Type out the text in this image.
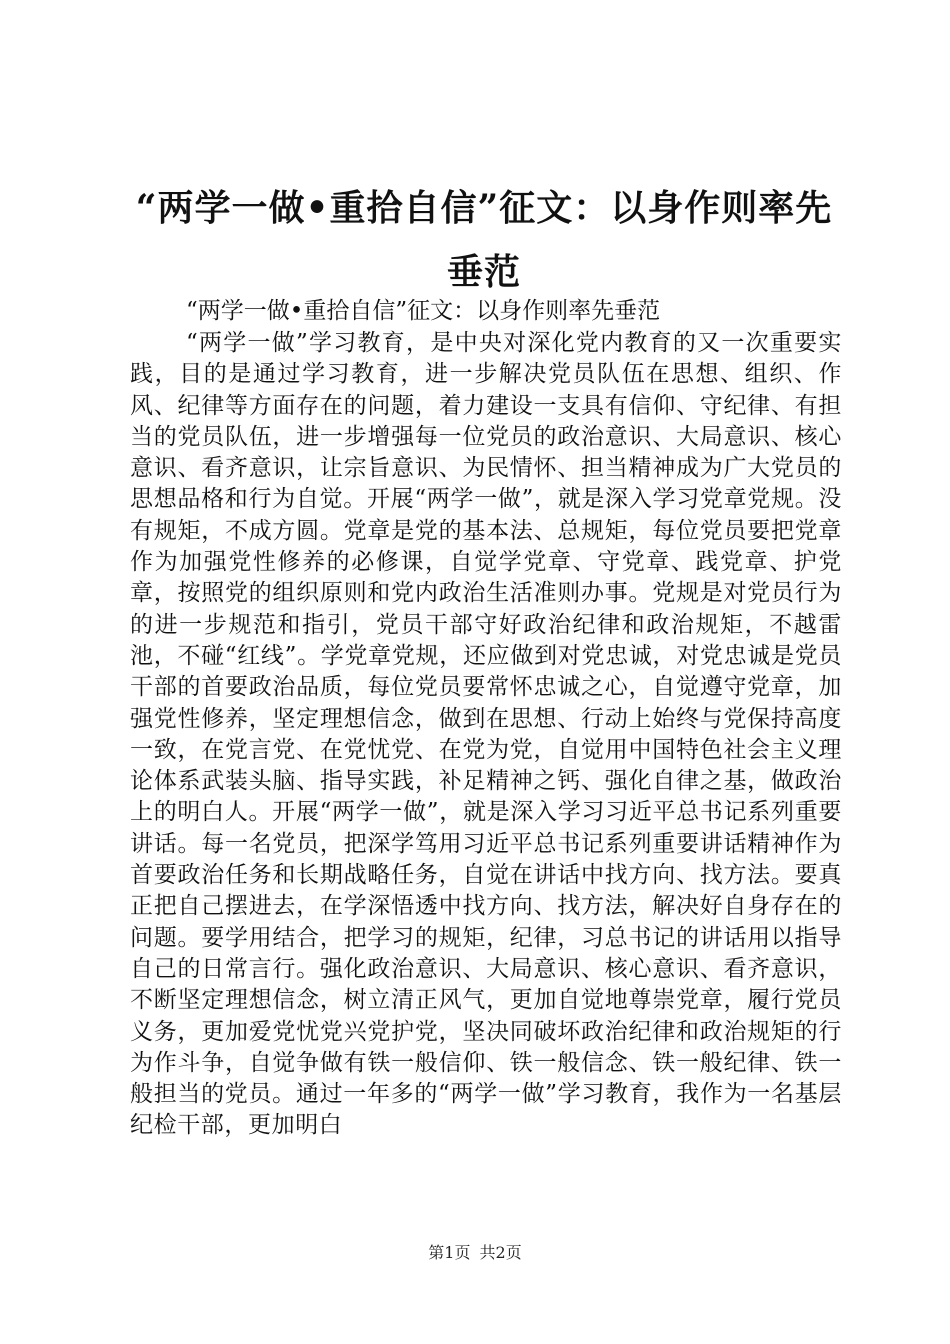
“两学一做•重拾自信”征文：以身作则率先垂范
“两学一做•重拾自信”征文：以身作则率先垂范
“两学一做”学习教育，是中央对深化党内教育的又一次重要实践，目的是通过学习教育，进一步解决党员队伍在思想、组织、作风、纪律等方面存在的问题，着力建设一支具有信仰、守纪律、有担当的党员队伍，进一步增强每一位党员的政治意识、大局意识、核心意识、看齐意识，让宗旨意识、为民情怀、担当精神成为广大党员的思想品格和行为自觉。开展“两学一做”，就是深入学习党章党规。没有规矩，不成方圆。党章是党的基本法、总规矩，每位党员要把党章作为加强党性修养的必修课，自觉学党章、守党章、践党章、护党章，按照党的组织原则和党内政治生活准则办事。党规是对党员行为的进一步规范和指引，党员干部守好政治纪律和政治规矩，不越雷池，不碰“红线”。学党章党规，还应做到对党忠诚，对党忠诚是党员干部的首要政治品质，每位党员要常怀忠诚之心，自觉遵守党章，加强党性修养，坚定理想信念，做到在思想、行动上始终与党保持高度一致，在党言党、在党忧党、在党为党，自觉用中国特色社会主义理论体系武装头脑、指导实践，补足精神之钙、强化自律之基，做政治上的明白人。开展“两学一做”，就是深入学习习近平总书记系列重要讲话。每一名党员，把深学笃用习近平总书记系列重要讲话精神作为首要政治任务和长期战略任务，自觉在讲话中找方向、找方法。要真正把自己摆进去，在学深悟透中找方向、找方法，解决好自身存在的问题。要学用结合，把学习的规矩，纪律，习总书记的讲话用以指导自己的日常言行。强化政治意识、大局意识、核心意识、看齐意识，不断坚定理想信念，树立清正风气，更加自觉地尊崇党章，履行党员义务，更加爱党忧党兴党护党，坚决同破坏政治纪律和政治规矩的行为作斗争，自觉争做有铁一般信仰、铁一般信念、铁一般纪律、铁一般担当的党员。通过一年多的“两学一做”学习教育，我作为一名基层纪检干部，更加明白
第1页 共2页
